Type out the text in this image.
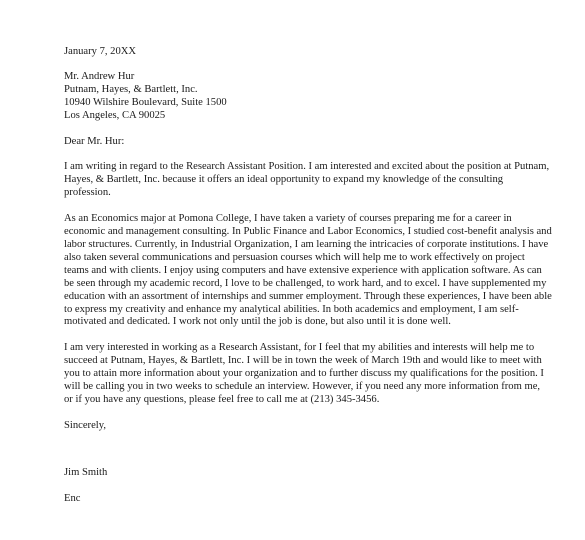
January 7, 20XX
Mr. Andrew Hur
Putnam, Hayes, & Bartlett, Inc.
10940 Wilshire Boulevard, Suite 1500
Los Angeles, CA 90025
Dear Mr. Hur:
I am writing in regard to the Research Assistant Position. I am interested and excited about the position at Putnam,
Hayes, & Bartlett, Inc. because it offers an ideal opportunity to expand my knowledge of the consulting
profession.
As an Economics major at Pomona College, I have taken a variety of courses preparing me for a career in
economic and management consulting. In Public Finance and Labor Economics, I studied cost-benefit analysis and
labor structures. Currently, in Industrial Organization, I am learning the intricacies of corporate institutions. I have
also taken several communications and persuasion courses which will help me to work effectively on project
teams and with clients. I enjoy using computers and have extensive experience with application software. As can
be seen through my academic record, I love to be challenged, to work hard, and to excel. I have supplemented my
education with an assortment of internships and summer employment. Through these experiences, I have been able
to express my creativity and enhance my analytical abilities. In both academics and employment, I am self-
motivated and dedicated. I work not only until the job is done, but also until it is done well.
I am very interested in working as a Research Assistant, for I feel that my abilities and interests will help me to
succeed at Putnam, Hayes, & Bartlett, Inc. I will be in town the week of March 19th and would like to meet with
you to attain more information about your organization and to further discuss my qualifications for the position. I
will be calling you in two weeks to schedule an interview. However, if you need any more information from me,
or if you have any questions, please feel free to call me at (213) 345-3456.
Sincerely,
Jim Smith
Enc
